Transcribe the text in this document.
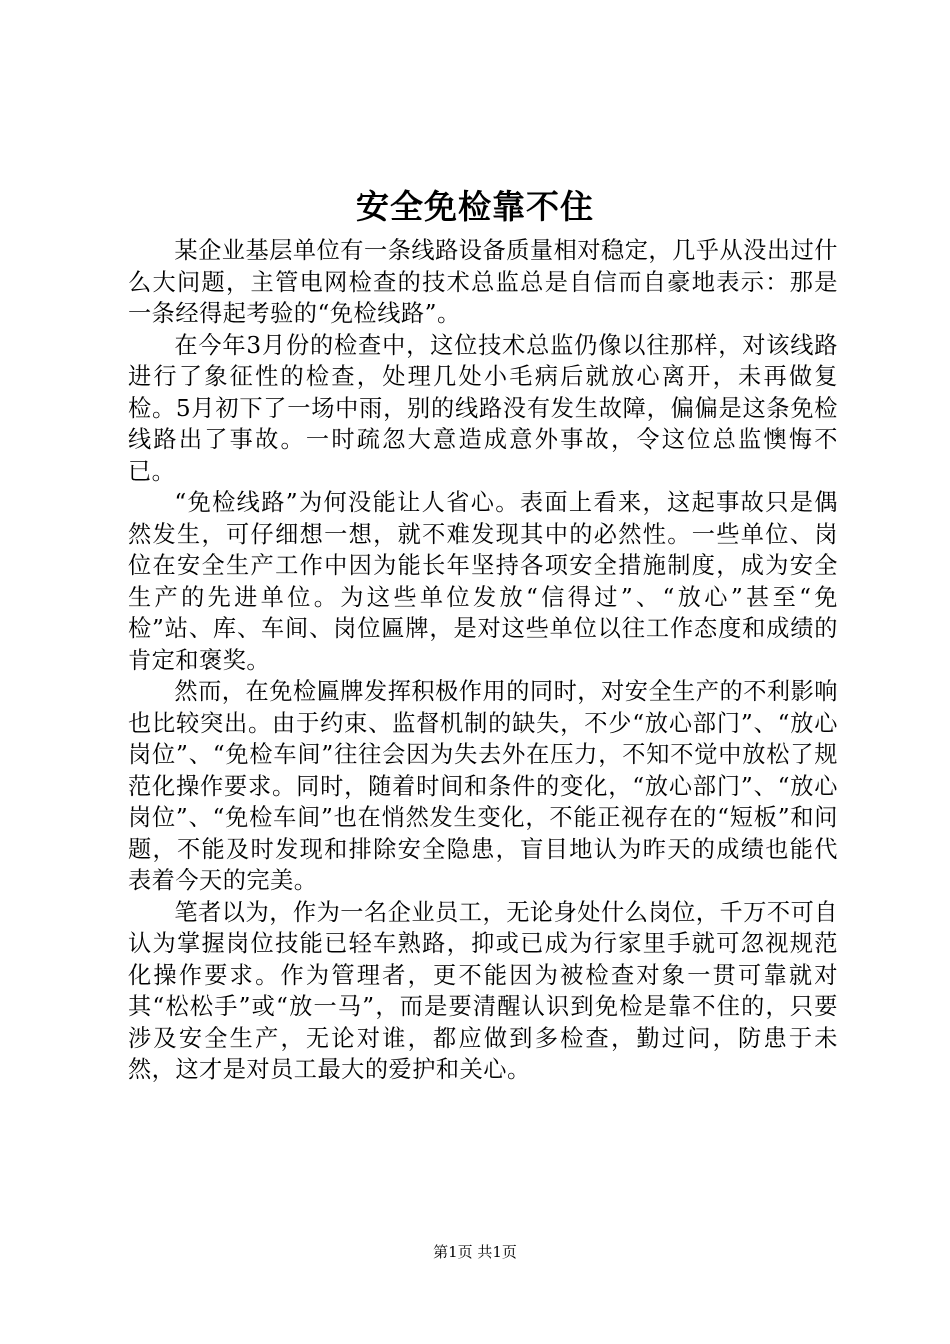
安全免检靠不住

某企业基层单位有一条线路设备质量相对稳定，几乎从没出过什么大问题，主管电网检查的技术总监总是自信而自豪地表示：那是一条经得起考验的“免检线路”。

在今年3月份的检查中，这位技术总监仍像以往那样，对该线路进行了象征性的检查，处理几处小毛病后就放心离开，未再做复检。5月初下了一场中雨，别的线路没有发生故障，偏偏是这条免检线路出了事故。一时疏忽大意造成意外事故，令这位总监懊悔不已。

“免检线路”为何没能让人省心。表面上看来，这起事故只是偶然发生，可仔细想一想，就不难发现其中的必然性。一些单位、岗位在安全生产工作中因为能长年坚持各项安全措施制度，成为安全生产的先进单位。为这些单位发放“信得过”、“放心”甚至“免检”站、库、车间、岗位匾牌，是对这些单位以往工作态度和成绩的肯定和褒奖。

然而，在免检匾牌发挥积极作用的同时，对安全生产的不利影响也比较突出。由于约束、监督机制的缺失，不少“放心部门”、“放心岗位”、“免检车间”往往会因为失去外在压力，不知不觉中放松了规范化操作要求。同时，随着时间和条件的变化，“放心部门”、“放心岗位”、“免检车间”也在悄然发生变化，不能正视存在的“短板”和问题，不能及时发现和排除安全隐患，盲目地认为昨天的成绩也能代表着今天的完美。

笔者以为，作为一名企业员工，无论身处什么岗位，千万不可自认为掌握岗位技能已轻车熟路，抑或已成为行家里手就可忽视规范化操作要求。作为管理者，更不能因为被检查对象一贯可靠就对其“松松手”或“放一马”，而是要清醒认识到免检是靠不住的，只要涉及安全生产，无论对谁，都应做到多检查，勤过问，防患于未然，这才是对员工最大的爱护和关心。

第1页 共1页
